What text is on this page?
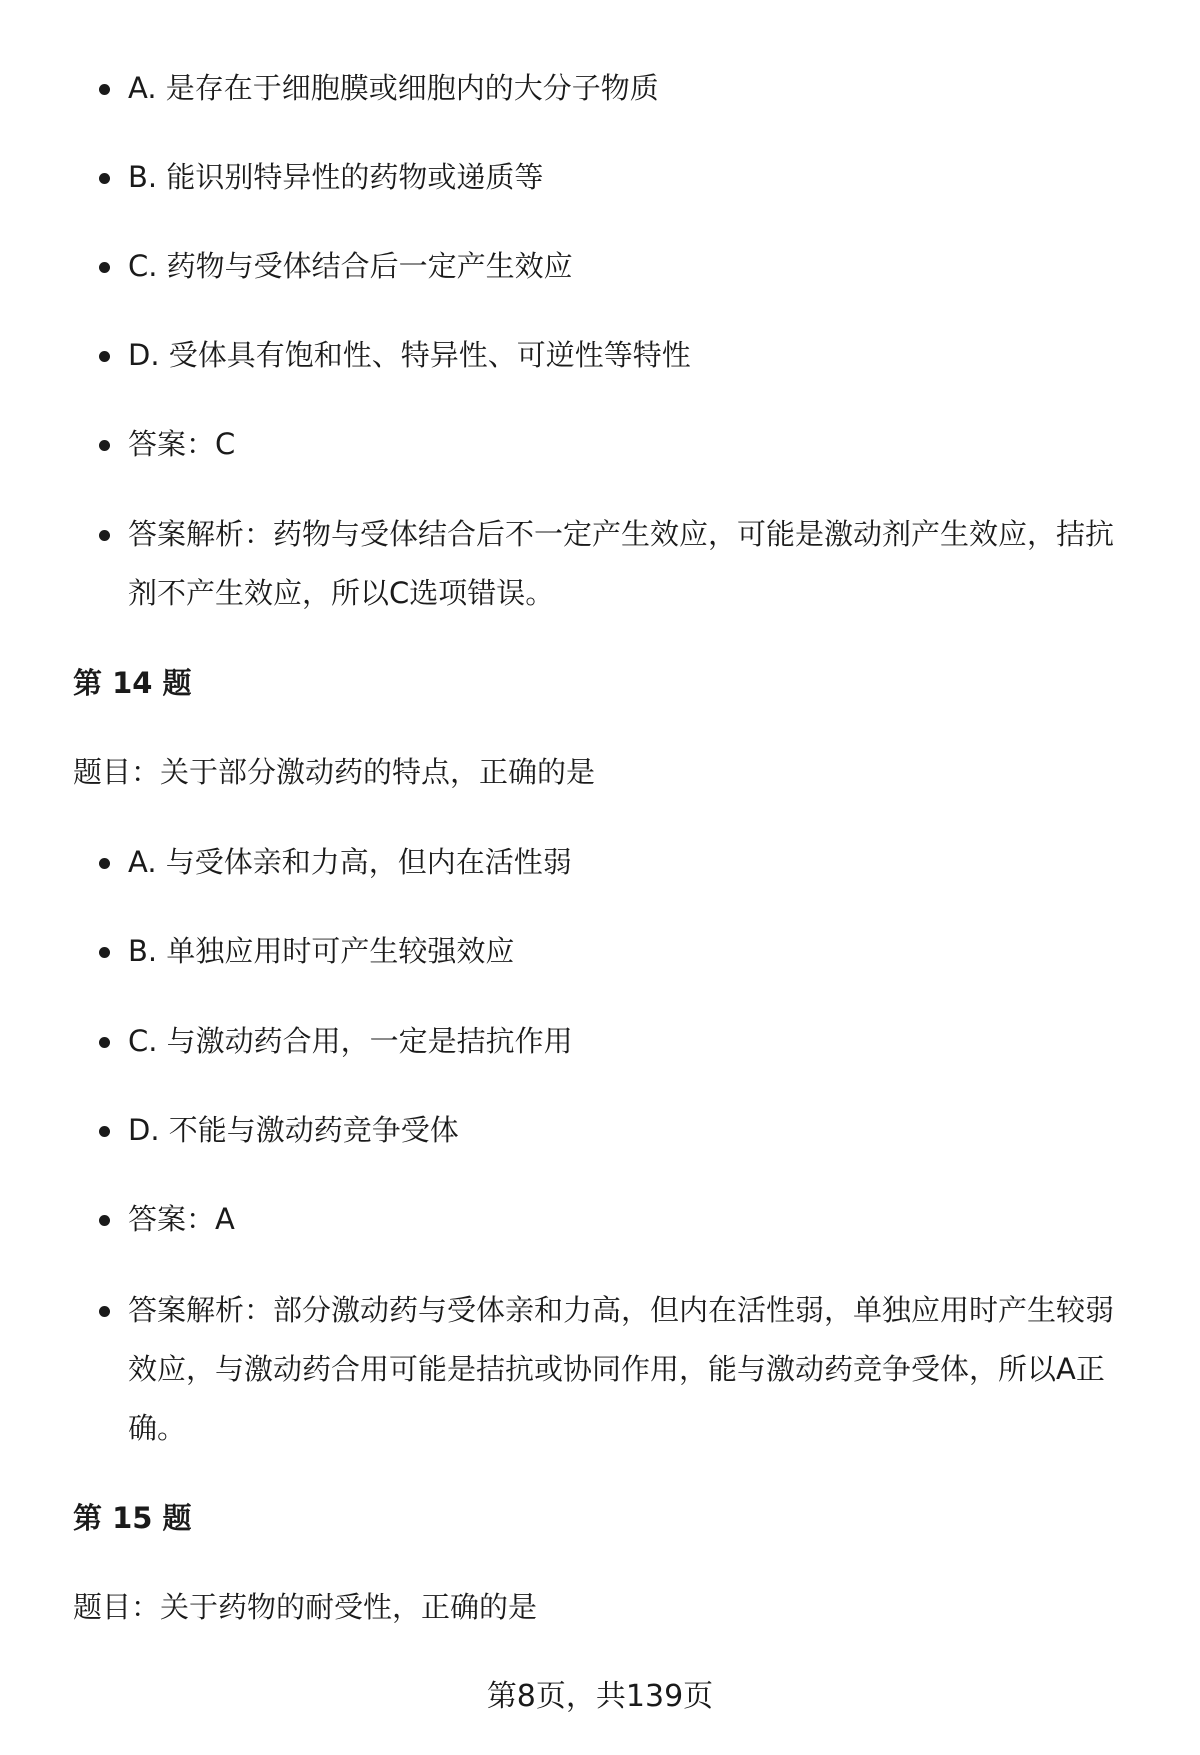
A. 是存在于细胞膜或细胞内的大分子物质
B. 能识别特异性的药物或递质等
C. 药物与受体结合后一定产生效应
D. 受体具有饱和性、特异性、可逆性等特性
答案：C
答案解析：药物与受体结合后不一定产生效应，可能是激动剂产生效应，拮抗剂不产生效应，所以C选项错误。
第 14 题
题目：关于部分激动药的特点，正确的是
A. 与受体亲和力高，但内在活性弱
B. 单独应用时可产生较强效应
C. 与激动药合用，一定是拮抗作用
D. 不能与激动药竞争受体
答案：A
答案解析：部分激动药与受体亲和力高，但内在活性弱，单独应用时产生较弱效应，与激动药合用可能是拮抗或协同作用，能与激动药竞争受体，所以A正确。
第 15 题
题目：关于药物的耐受性，正确的是
第8页，共139页
